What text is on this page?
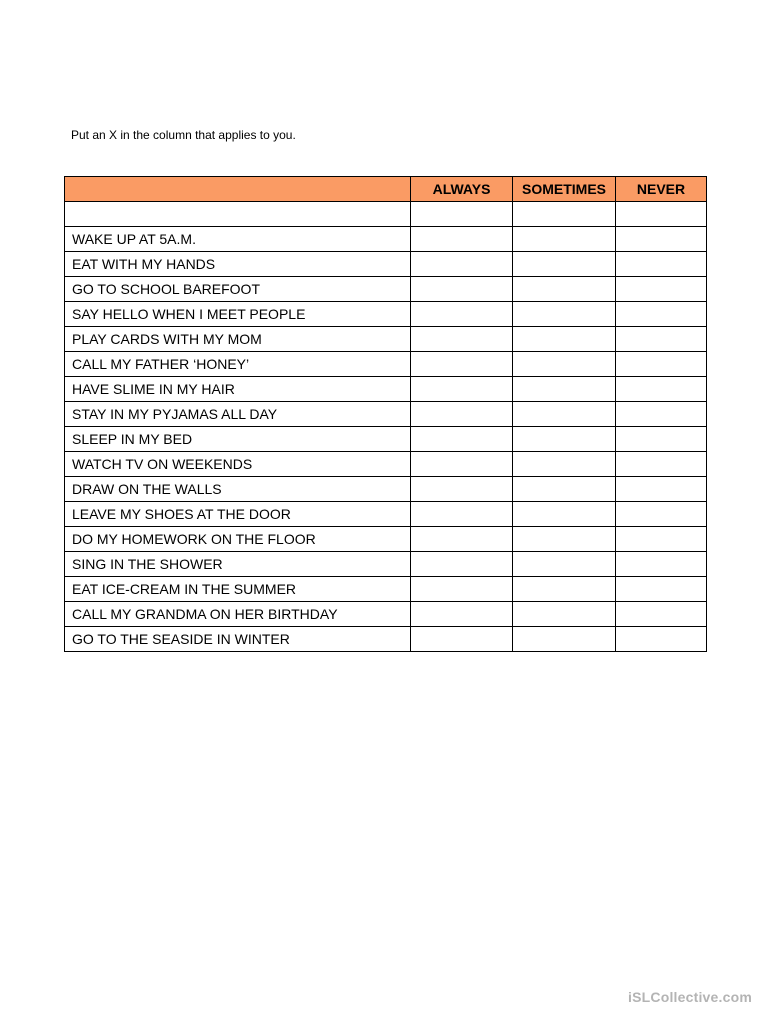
Put an X in the column that applies to you.
	ALWAYS	SOMETIMES	NEVER

WAKE UP AT 5A.M.			
EAT WITH MY HANDS			
GO TO SCHOOL BAREFOOT			
SAY HELLO WHEN I MEET PEOPLE			
PLAY CARDS WITH MY MOM			
CALL MY FATHER ‘HONEY’			
HAVE SLIME IN MY HAIR			
STAY IN MY PYJAMAS ALL DAY			
SLEEP IN MY BED			
WATCH TV ON WEEKENDS			
DRAW ON THE WALLS			
LEAVE MY SHOES AT THE DOOR			
DO MY HOMEWORK ON THE FLOOR			
SING IN THE SHOWER			
EAT ICE-CREAM IN THE SUMMER			
CALL MY GRANDMA ON HER BIRTHDAY			
GO TO THE SEASIDE IN WINTER			
iSLCollective.com
